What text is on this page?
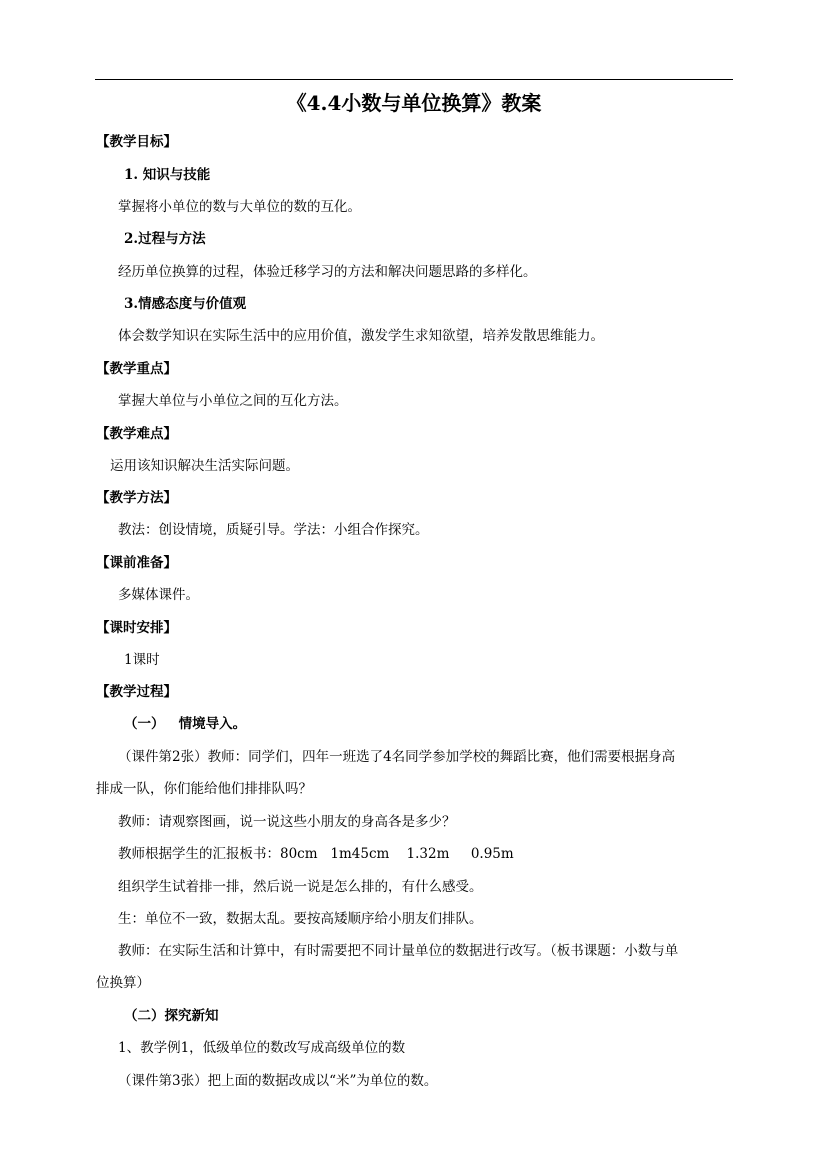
《4.4小数与单位换算》教案
【教学目标】
1. 知识与技能
掌握将小单位的数与大单位的数的互化。
2.过程与方法
经历单位换算的过程，体验迁移学习的方法和解决问题思路的多样化。
3.情感态度与价值观
体会数学知识在实际生活中的应用价值，激发学生求知欲望，培养发散思维能力。
【教学重点】
掌握大单位与小单位之间的互化方法。
【教学难点】
运用该知识解决生活实际问题。
【教学方法】
教法：创设情境，质疑引导。学法：小组合作探究。
【课前准备】
多媒体课件。
【课时安排】
1课时
【教学过程】
（一）   情境导入。
（课件第2张）教师：同学们，四年一班选了4名同学参加学校的舞蹈比赛，他们需要根据身高
排成一队，你们能给他们排排队吗？
教师：请观察图画，说一说这些小朋友的身高各是多少？
教师根据学生的汇报板书：80cm   1m45cm    1.32m     0.95m
组织学生试着排一排，然后说一说是怎么排的，有什么感受。
生：单位不一致，数据太乱。要按高矮顺序给小朋友们排队。
教师：在实际生活和计算中，有时需要把不同计量单位的数据进行改写。（板书课题：小数与单
位换算）
（二）探究新知
1、教学例1，低级单位的数改写成高级单位的数
（课件第3张）把上面的数据改成以“米”为单位的数。
